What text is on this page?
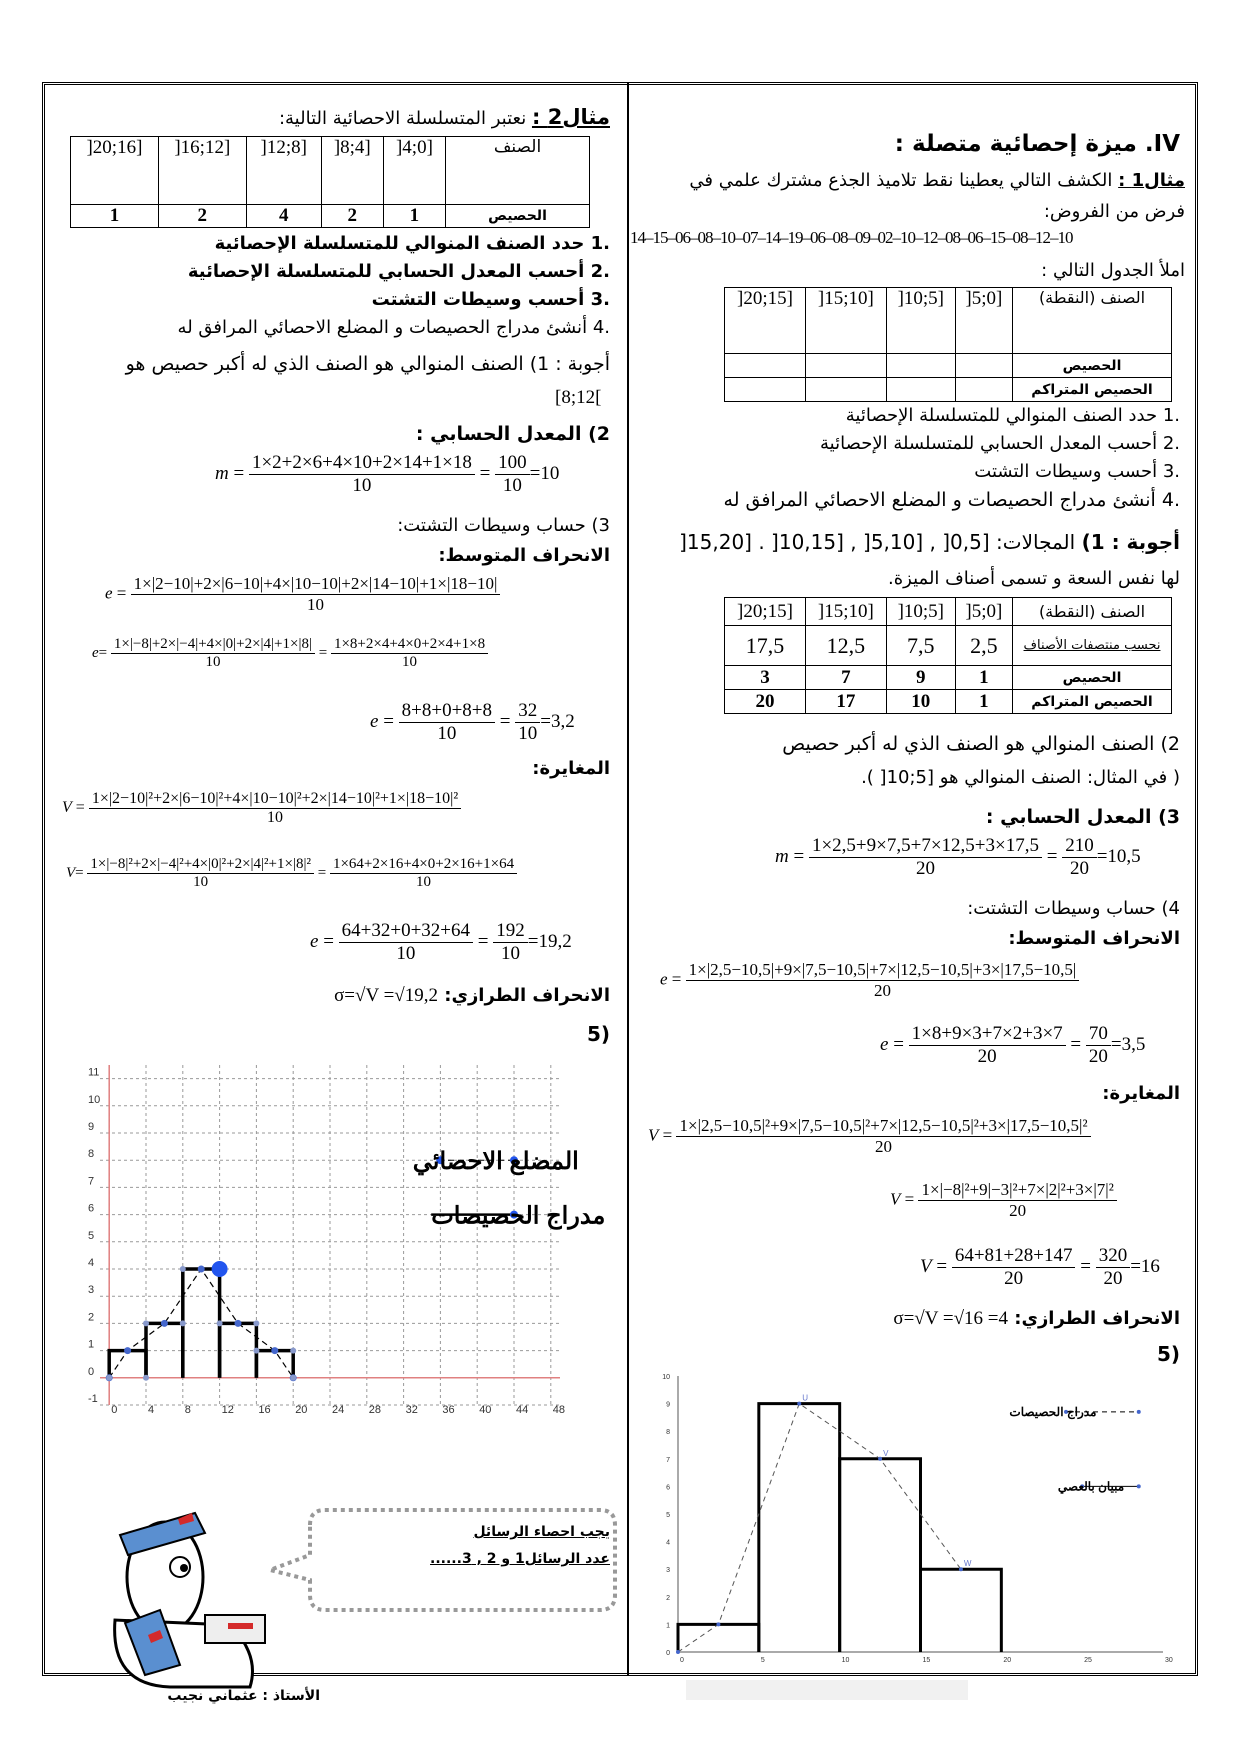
IV. ميزة إحصائية متصلة :
مثال1 : الكشف التالي يعطينا نقط تلاميذ الجذع مشترك علمي في
فرض من الفروض:
14–15–06–08–10–07–14–19–06–08–09–02–10–12–08–06–15–08–12–10
املأ الجدول التالي :
الصنف (النقطة)	[0;5[	[5;10[	[10;15[	[15;20[
الحصيص				
الحصيص المتراكم				
.1 حدد الصنف المنوالي للمتسلسلة الإحصائية
.2 أحسب المعدل الحسابي للمتسلسلة الإحصائية
.3 أحسب وسيطات التشتت
.4 أنشئ مدراج الحصيصات و المضلع الاحصائي المرافق له
أجوبة : 1) المجالات: [0,5[ , [5,10[ , [10,15[ . [15,20[
لها نفس السعة و تسمى أصناف الميزة.
الصنف (النقطة)	[0;5[	[5;10[	[10;15[	[15;20[
نحسب منتصفات الأصناف	2,5	7,5	12,5	17,5
الحصيص	1	9	7	3
الحصيص المتراكم	1	10	17	20
2) الصنف المنوالي هو الصنف الذي له أكبر حصيص
( في المثال: الصنف المنوالي هو [5;10[ ).
3) المعدل الحسابي :
$m = \frac{1\times 2,5+9\times 7,5+7\times 12,5+3\times 17,5}{20} = \frac{210}{20} =10,5$
4) حساب وسيطات التشتت:
الانحراف المتوسط:
$e = \frac{1\times|2,5-10,5|+9\times|7,5-10,5|+7\times|12,5-10,5|+3\times|17,5-10,5|}{20}$
$e = \frac{1\times 8+9\times 3+7\times 2+3\times 7}{20} = \frac{70}{20} =3,5$
المغايرة:
$V = \frac{\text{1×|2,5−10,5|²+9×|7,5−10,5|²+7×|12,5−10,5|²+3×|17,5−10,5|²}}{20}$
$V = \frac{\text{1×|−8|²+9|−3|²+7×|2|²+3×|7|²}}{20}$
$V = \frac{64+81+28+147}{20} = \frac{320}{20} =16$
الانحراف الطرازي: σ=√V =√16 =4
(5
0
1
2
3
4
5
6
7
8
9
10
0	5	10	15	20	25	30
U
V
W
مدراج الحصيصات
مبيان بالعصي
مثال2 : نعتبر المتسلسلة الاحصائية التالية:
الصنف	[0;4[	[4;8[	[8;12[	[12;16[	[16;20[
الحصيص	1	2	4	2	1
.1 حدد الصنف المنوالي للمتسلسلة الإحصائية
.2 أحسب المعدل الحسابي للمتسلسلة الإحصائية
.3 أحسب وسيطات التشتت
.4 أنشئ مدراج الحصيصات و المضلع الاحصائي المرافق له
أجوبة : 1) الصنف المنوالي هو الصنف الذي له أكبر حصيص هو
[8;12[
2) المعدل الحسابي :
$m = \frac{1\times 2+2\times 6+4\times 10+2\times 14+1\times 18}{10} = \frac{100}{10} =10$
3) حساب وسيطات التشتت:
الانحراف المتوسط:
$e = \frac{1\times|2-10|+2\times|6-10|+4\times|10-10|+2\times|14-10|+1\times|18-10|}{10}$
$e= \frac{1\times|-8|+2\times|-4|+4\times|0|+2\times|4|+1\times|8|}{10} = \frac{1\times 8+2\times 4+4\times 0+2\times 4+1\times 8}{10}$
$e = \frac{8+8+0+8+8}{10} = \frac{32}{10} =3,2$
المغايرة:
$V = \frac{\text{1×|2−10|²+2×|6−10|²+4×|10−10|²+2×|14−10|²+1×|18−10|²}}{10}$
$V= \frac{\text{1×|−8|²+2×|−4|²+4×|0|²+2×|4|²+1×|8|²}}{10} = \frac{1\times 64+2\times 16+4\times 0+2\times 16+1\times 64}{10}$
$e = \frac{64+32+0+32+64}{10} = \frac{192}{10} =19,2$
الانحراف الطرازي: σ=√V =√19,2
(5
0	4	8	12 16 20 24 28 32 36 40 44 48
-1
0
1
2
3
4
5
6
7
8
9
10
11
المضلع الاحصائي
مدراج الحصيصات
يجب احصاء الرسائل
عدد الرسائل1 و 2 , 3......
الأستاذ : عثماني نجيب
